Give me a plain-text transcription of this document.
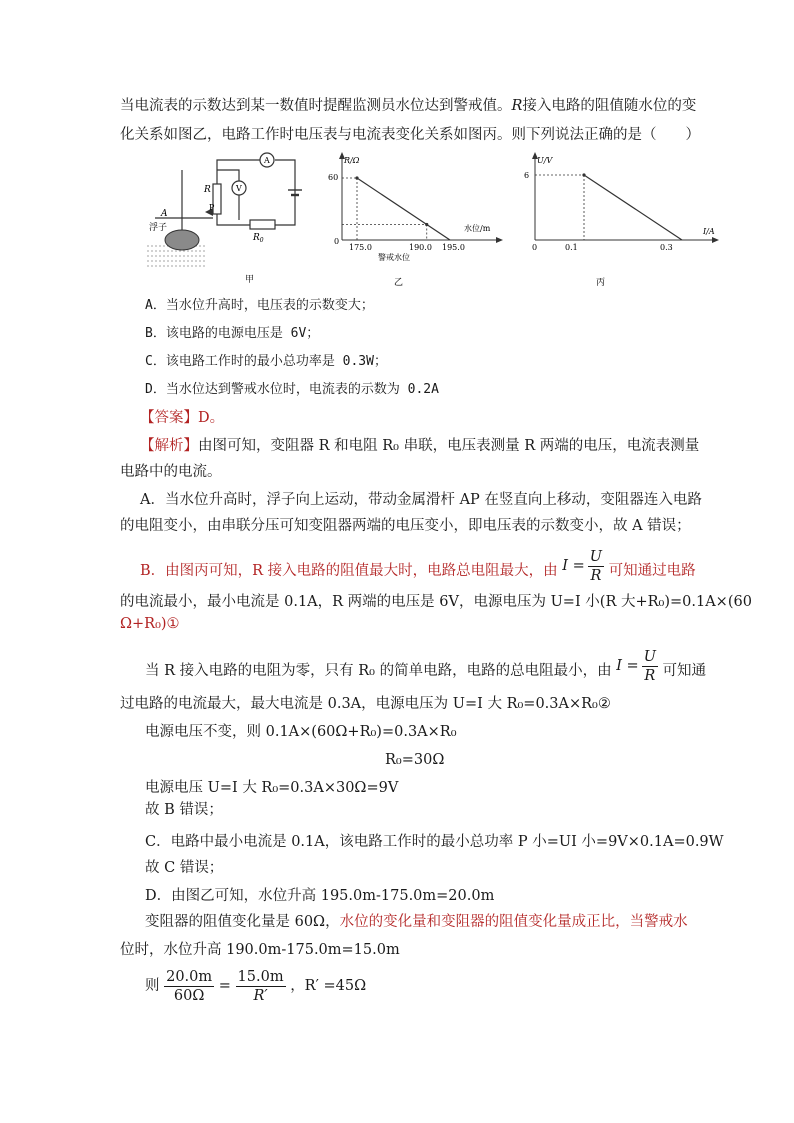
当电流表的示数达到某一数值时提醒监测员水位达到警戒值。R接入电路的阻值随水位的变
化关系如图乙，电路工作时电压表与电流表变化关系如图丙。则下列说法正确的是（　　）
A
浮子
R
P
$R_0$
A
V
甲
R/Ω
水位/m
0
60
175.0	190.0 195.0
警戒水位
乙
U/V
I/A
0
6
0.1	0.3
丙
A．当水位升高时，电压表的示数变大；
B．该电路的电源电压是 6V；
C．该电路工作时的最小总功率是 0.3W；
D．当水位达到警戒水位时，电流表的示数为 0.2A
【答案】D。
【解析】由图可知，变阻器 R 和电阻 R₀ 串联，电压表测量 R 两端的电压，电流表测量
电路中的电流。
A．当水位升高时，浮子向上运动，带动金属滑杆 AP 在竖直向上移动，变阻器连入电路
的电阻变小，由串联分压可知变阻器两端的电压变小，即电压表的示数变小，故 A 错误；
B．由图丙可知，R 接入电路的阻值最大时，电路总电阻最大，由 $I = \frac{U}{R}$ 可知通过电路
的电流最小，最小电流是 0.1A，R 两端的电压是 6V，电源电压为 U=I 小(R 大+R₀)=0.1A×(60
Ω+R₀)①
当 R 接入电路的电阻为零，只有 R₀ 的简单电路，电路的总电阻最小，由 $I = \frac{U}{R}$ 可知通
过电路的电流最大，最大电流是 0.3A，电源电压为 U=I 大 R₀=0.3A×R₀②
电源电压不变，则 0.1A×(60Ω+R₀)=0.3A×R₀
R₀=30Ω
电源电压 U=I 大 R₀=0.3A×30Ω=9V
故 B 错误；
C．电路中最小电流是 0.1A，该电路工作时的最小总功率 P 小=UI 小=9V×0.1A=0.9W
故 C 错误；
D．由图乙可知，水位升高 195.0m-175.0m=20.0m
变阻器的阻值变化量是 60Ω，水位的变化量和变阻器的阻值变化量成正比，当警戒水
位时，水位升高 190.0m-175.0m=15.0m
则 $\frac{20.0m}{60\Omega} = \frac{15.0m}{R'}$ ，R′ =45Ω
